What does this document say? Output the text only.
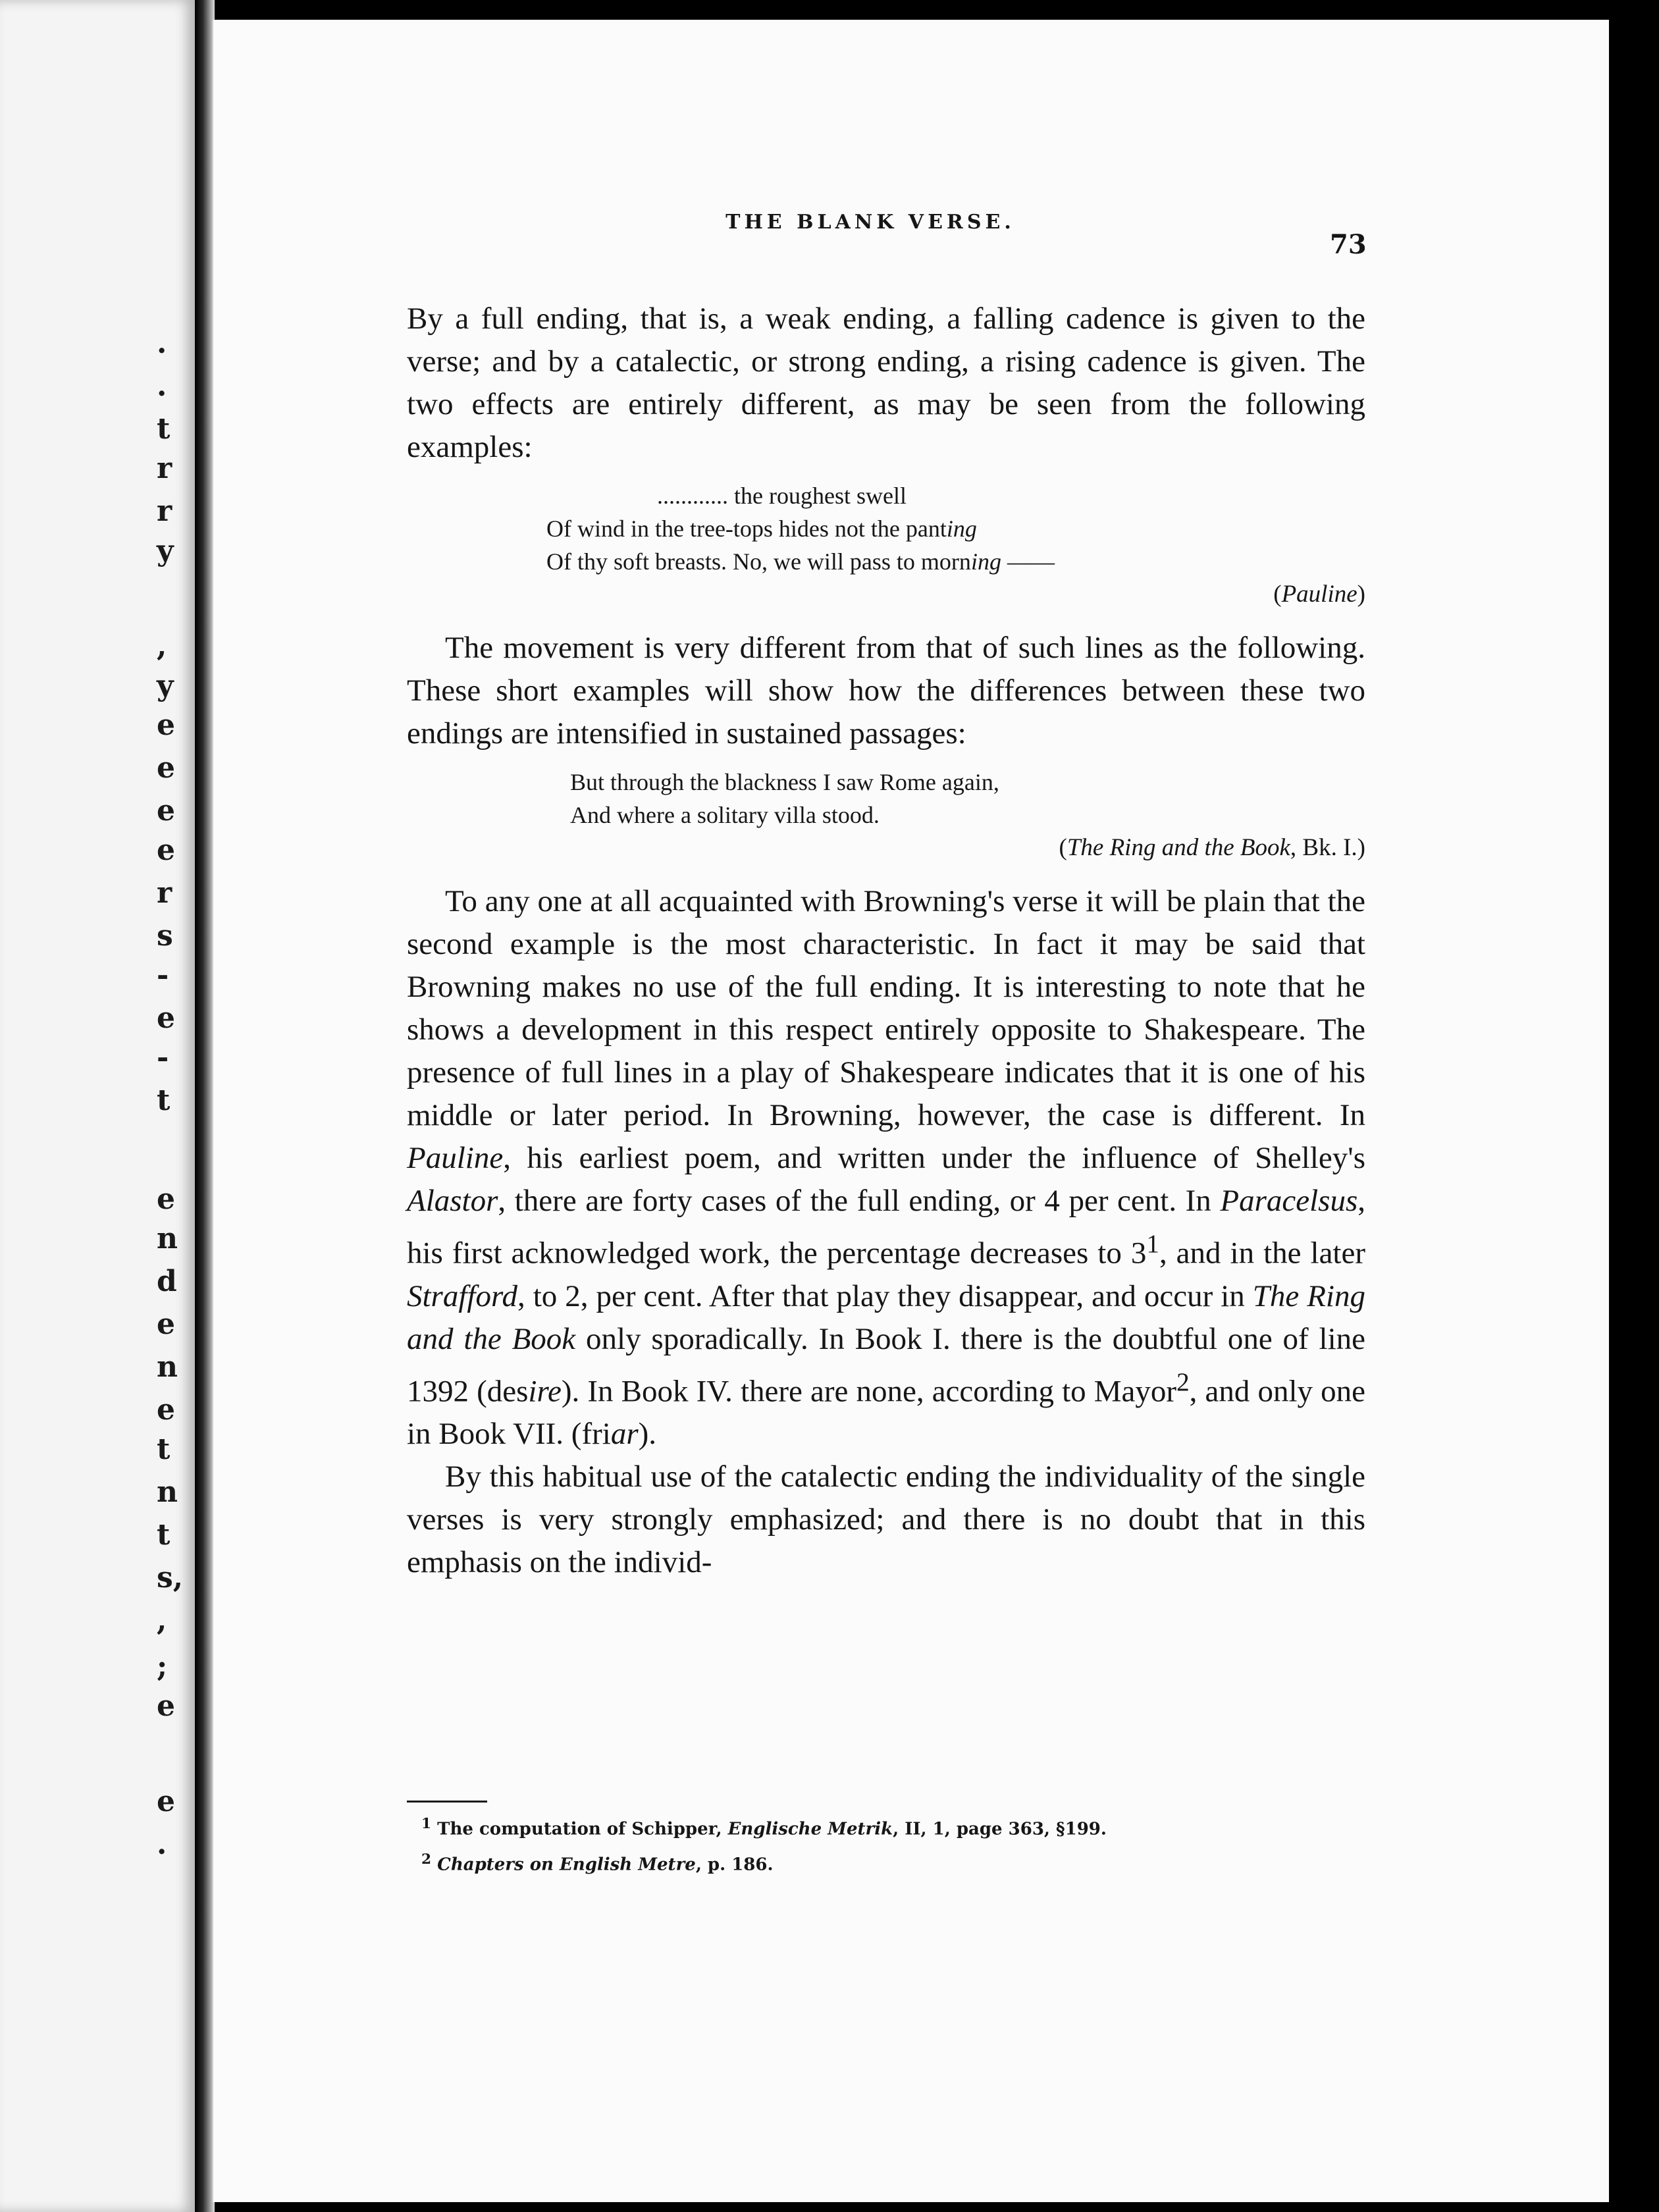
.
.
t
r
r
y
,
y
e
e
e
e
r
s
-
e
-
t
e
n
d
e
n
e
t
n
t
s,
,
;
e
e
.
THE BLANK VERSE.
73

By a full ending, that is, a weak ending, a falling cadence is given to the verse; and by a catalectic, or strong ending, a rising cadence is given. The two effects are entirely different, as may be seen from the following examples:

............ the roughest swell
Of wind in the tree-tops hides not the panting
Of thy soft breasts. No, we will pass to morning ——
(Pauline)

The movement is very different from that of such lines as the following. These short examples will show how the differences between these two endings are intensified in sustained passages:

But through the blackness I saw Rome again,
And where a solitary villa stood.
(The Ring and the Book, Bk. I.)

To any one at all acquainted with Browning's verse it will be plain that the second example is the most characteristic. In fact it may be said that Browning makes no use of the full ending. It is interesting to note that he shows a development in this respect entirely opposite to Shakespeare. The presence of full lines in a play of Shakespeare indicates that it is one of his middle or later period. In Browning, however, the case is different. In Pauline, his earliest poem, and written under the influence of Shelley's Alastor, there are forty cases of the full ending, or 4 per cent. In Paracelsus, his first acknowledged work, the percentage decreases to $3^1$, and in the later Strafford, to 2, per cent. After that play they disappear, and occur in The Ring and the Book only sporadically. In Book I. there is the doubtful one of line 1392 (desire). In Book IV. there are none, according to Mayor$^2$, and only one in Book VII. (friar).

By this habitual use of the catalectic ending the individuality of the single verses is very strongly emphasized; and there is no doubt that in this emphasis on the individ-

$^1$ The computation of Schipper, Englische Metrik, II, 1, page 363, §199.
$^2$ Chapters on English Metre, p. 186.
